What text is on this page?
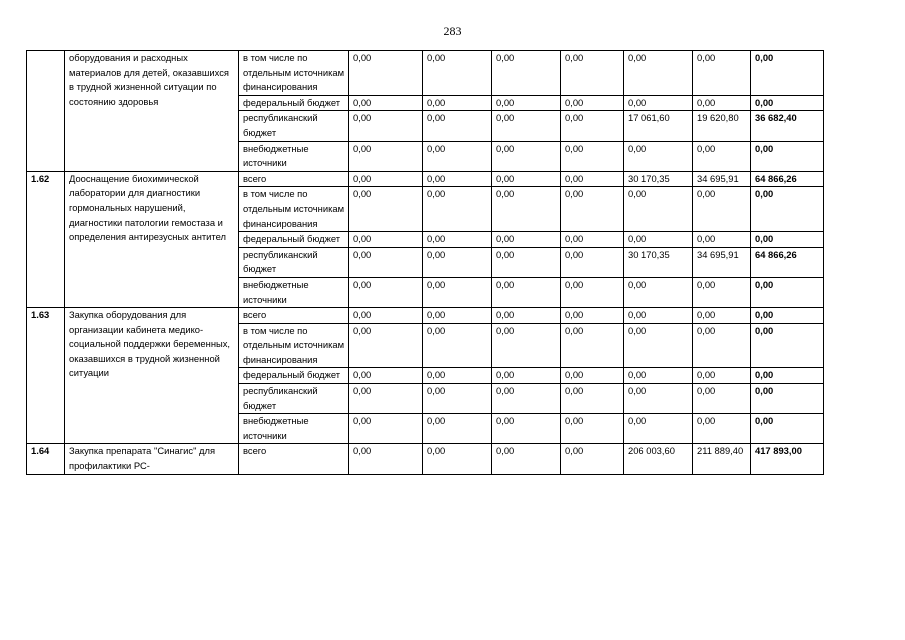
283
	оборудования и расходных материалов для детей, оказавшихся в трудной жизненной ситуации по состоянию здоровья	в том числе по отдельным источникам финансирования	0,00	0,00	0,00	0,00	0,00	0,00	0,00
		федеральный бюджет	0,00	0,00	0,00	0,00	0,00	0,00	0,00
		республиканский бюджет	0,00	0,00	0,00	0,00	17 061,60	19 620,80	36 682,40
		внебюджетные источники	0,00	0,00	0,00	0,00	0,00	0,00	0,00
1.62	Дооснащение биохимической лаборатории для диагностики гормональных нарушений, диагностики патологии гемостаза и определения антирезусных антител	всего	0,00	0,00	0,00	0,00	30 170,35	34 695,91	64 866,26
		в том числе по отдельным источникам финансирования	0,00	0,00	0,00	0,00	0,00	0,00	0,00
		федеральный бюджет	0,00	0,00	0,00	0,00	0,00	0,00	0,00
		республиканский бюджет	0,00	0,00	0,00	0,00	30 170,35	34 695,91	64 866,26
		внебюджетные источники	0,00	0,00	0,00	0,00	0,00	0,00	0,00
1.63	Закупка оборудования для организации кабинета медико-социальной поддержки беременных, оказавшихся в трудной жизненной ситуации	всего	0,00	0,00	0,00	0,00	0,00	0,00	0,00
		в том числе по отдельным источникам финансирования	0,00	0,00	0,00	0,00	0,00	0,00	0,00
		федеральный бюджет	0,00	0,00	0,00	0,00	0,00	0,00	0,00
		республиканский бюджет	0,00	0,00	0,00	0,00	0,00	0,00	0,00
		внебюджетные источники	0,00	0,00	0,00	0,00	0,00	0,00	0,00
1.64	Закупка препарата "Синагис" для профилактики РС-	всего	0,00	0,00	0,00	0,00	206 003,60	211 889,40	417 893,00
